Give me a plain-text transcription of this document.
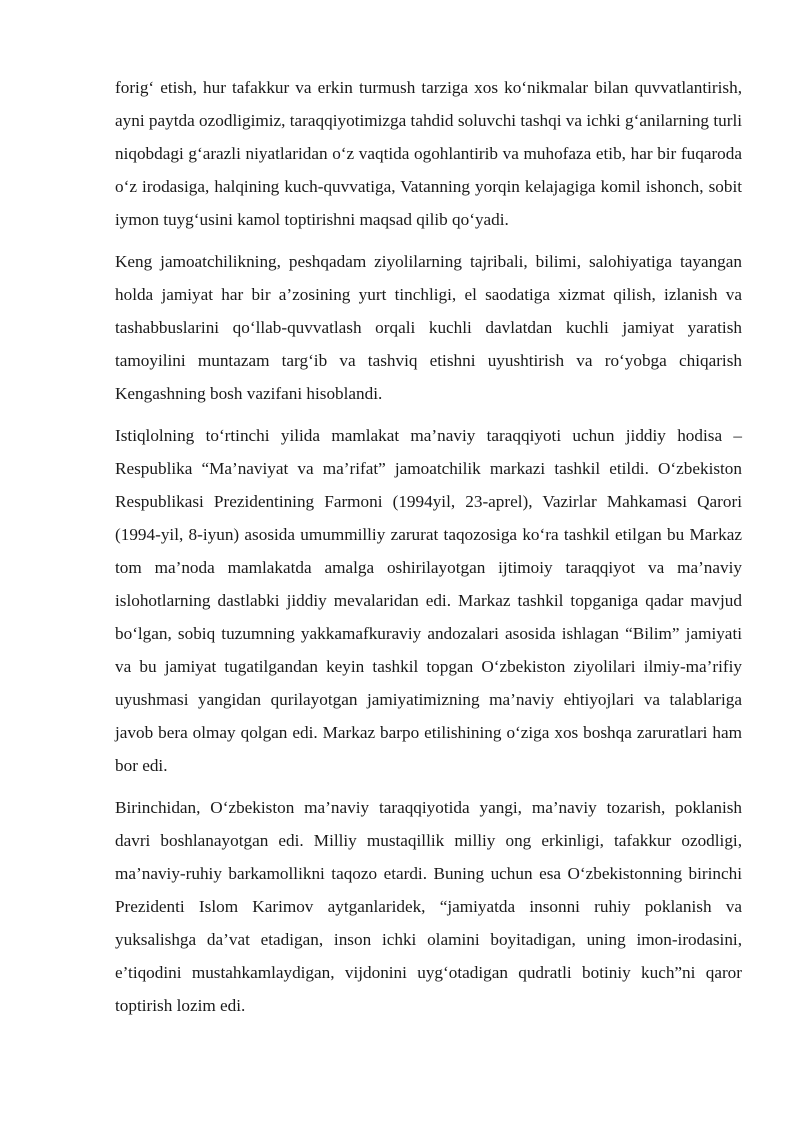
forig‘ etish, hur tafakkur va erkin turmush tarziga xos ko‘nikmalar bilan quvvatlantirish, ayni paytda ozodligimiz, taraqqiyotimizga tahdid soluvchi tashqi va ichki g‘anilarning turli niqobdagi g‘arazli niyatlaridan o‘z vaqtida ogohlantirib va muhofaza etib, har bir fuqaroda o‘z irodasiga, halqining kuch-quvvatiga, Vatanning yorqin kelajagiga komil ishonch, sobit iymon tuyg‘usini kamol toptirishni maqsad qilib qo‘yadi.

Keng jamoatchilikning, peshqadam ziyolilarning tajribali, bilimi, salohiyatiga tayangan holda jamiyat har bir a’zosining yurt tinchligi, el saodatiga xizmat qilish, izlanish va tashabbuslarini qo‘llab-quvvatlash orqali kuchli davlatdan kuchli jamiyat yaratish tamoyilini muntazam targ‘ib va tashviq etishni uyushtirish va ro‘yobga chiqarish Kengashning bosh vazifani hisoblandi.

Istiqlolning to‘rtinchi yilida mamlakat ma’naviy taraqqiyoti uchun jiddiy hodisa – Respublika “Ma’naviyat va ma’rifat” jamoatchilik markazi tashkil etildi. O‘zbekiston Respublikasi Prezidentining Farmoni (1994yil, 23-aprel), Vazirlar Mahkamasi Qarori (1994-yil, 8-iyun) asosida umummilliy zarurat taqozosiga ko‘ra tashkil etilgan bu Markaz tom ma’noda mamlakatda amalga oshirilayotgan ijtimoiy taraqqiyot va ma’naviy islohotlarning dastlabki jiddiy mevalaridan edi. Markaz tashkil topganiga qadar mavjud bo‘lgan, sobiq tuzumning yakkamafkuraviy andozalari asosida ishlagan “Bilim” jamiyati va bu jamiyat tugatilgandan keyin tashkil topgan O‘zbekiston ziyolilari ilmiy-ma’rifiy uyushmasi yangidan qurilayotgan jamiyatimizning ma’naviy ehtiyojlari va talablariga javob bera olmay qolgan edi. Markaz barpo etilishining o‘ziga xos boshqa zaruratlari ham bor edi.

Birinchidan, O‘zbekiston ma’naviy taraqqiyotida yangi, ma’naviy tozarish, poklanish davri boshlanayotgan edi. Milliy mustaqillik milliy ong erkinligi, tafakkur ozodligi, ma’naviy-ruhiy barkamollikni taqozo etardi. Buning uchun esa O‘zbekistonning birinchi Prezidenti Islom Karimov aytganlaridek, “jamiyatda insonni ruhiy poklanish va yuksalishga da’vat etadigan, inson ichki olamini boyitadigan, uning imon-irodasini, e’tiqodini mustahkamlaydigan, vijdonini uyg‘otadigan qudratli botiniy kuch”ni qaror toptirish lozim edi.
